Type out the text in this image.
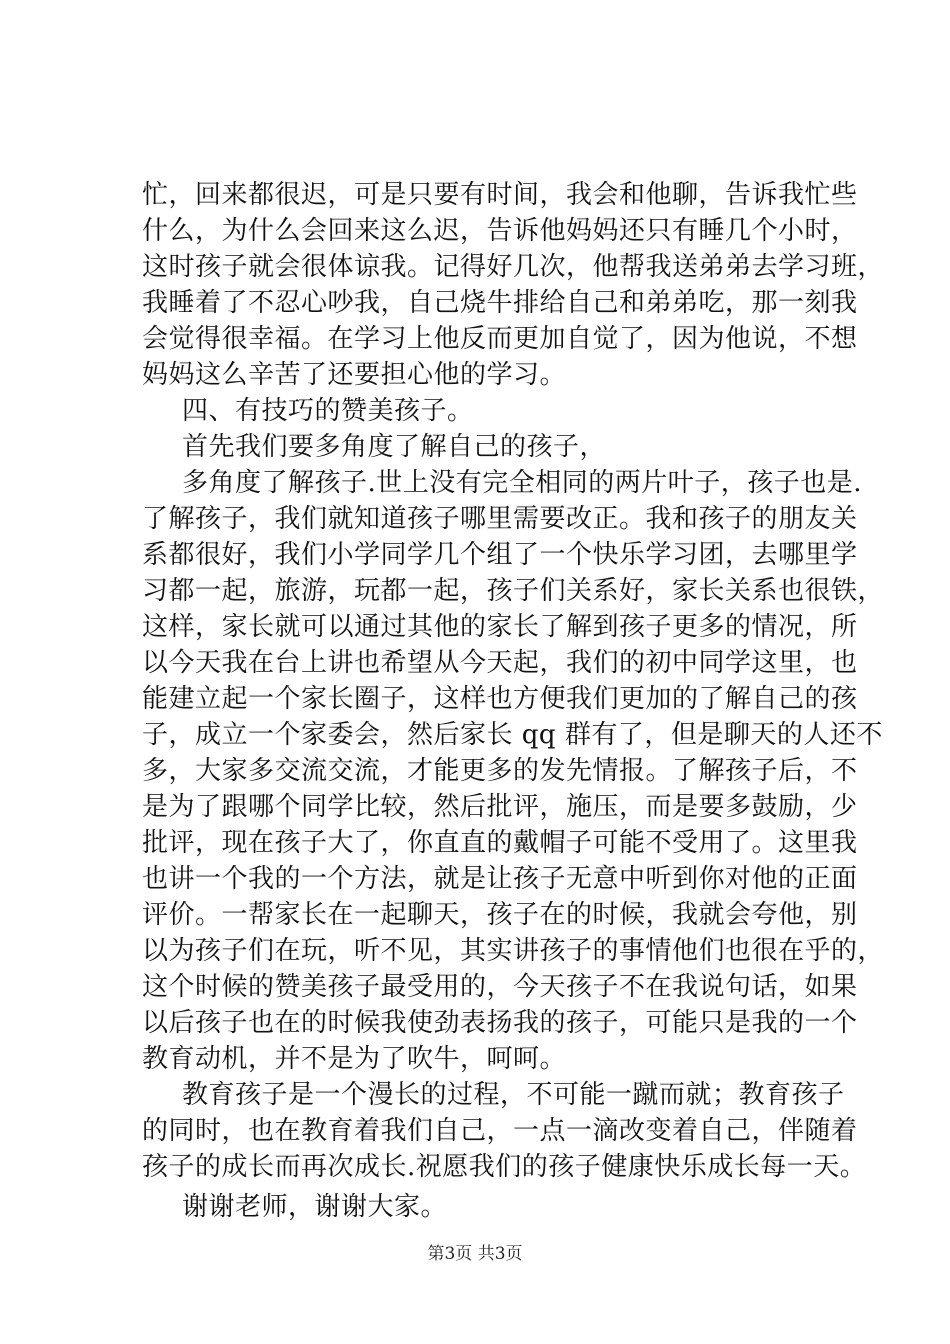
忙，回来都很迟，可是只要有时间，我会和他聊，告诉我忙些
什么，为什么会回来这么迟，告诉他妈妈还只有睡几个小时，
这时孩子就会很体谅我。记得好几次，他帮我送弟弟去学习班，
我睡着了不忍心吵我，自己烧牛排给自己和弟弟吃，那一刻我
会觉得很幸福。在学习上他反而更加自觉了，因为他说，不想
妈妈这么辛苦了还要担心他的学习。
四、有技巧的赞美孩子。
首先我们要多角度了解自己的孩子，
多角度了解孩子.世上没有完全相同的两片叶子，孩子也是.
了解孩子，我们就知道孩子哪里需要改正。我和孩子的朋友关
系都很好，我们小学同学几个组了一个快乐学习团，去哪里学
习都一起，旅游，玩都一起，孩子们关系好，家长关系也很铁，
这样，家长就可以通过其他的家长了解到孩子更多的情况，所
以今天我在台上讲也希望从今天起，我们的初中同学这里，也
能建立起一个家长圈子，这样也方便我们更加的了解自己的孩
子，成立一个家委会，然后家长 qq 群有了，但是聊天的人还不
多，大家多交流交流，才能更多的发先情报。了解孩子后，不
是为了跟哪个同学比较，然后批评，施压，而是要多鼓励，少
批评，现在孩子大了，你直直的戴帽子可能不受用了。这里我
也讲一个我的一个方法，就是让孩子无意中听到你对他的正面
评价。一帮家长在一起聊天，孩子在的时候，我就会夸他，别
以为孩子们在玩，听不见，其实讲孩子的事情他们也很在乎的，
这个时候的赞美孩子最受用的，今天孩子不在我说句话，如果
以后孩子也在的时候我使劲表扬我的孩子，可能只是我的一个
教育动机，并不是为了吹牛，呵呵。
教育孩子是一个漫长的过程，不可能一蹴而就；教育孩子
的同时，也在教育着我们自己，一点一滴改变着自己，伴随着
孩子的成长而再次成长.祝愿我们的孩子健康快乐成长每一天。
谢谢老师，谢谢大家。
第3页 共3页
